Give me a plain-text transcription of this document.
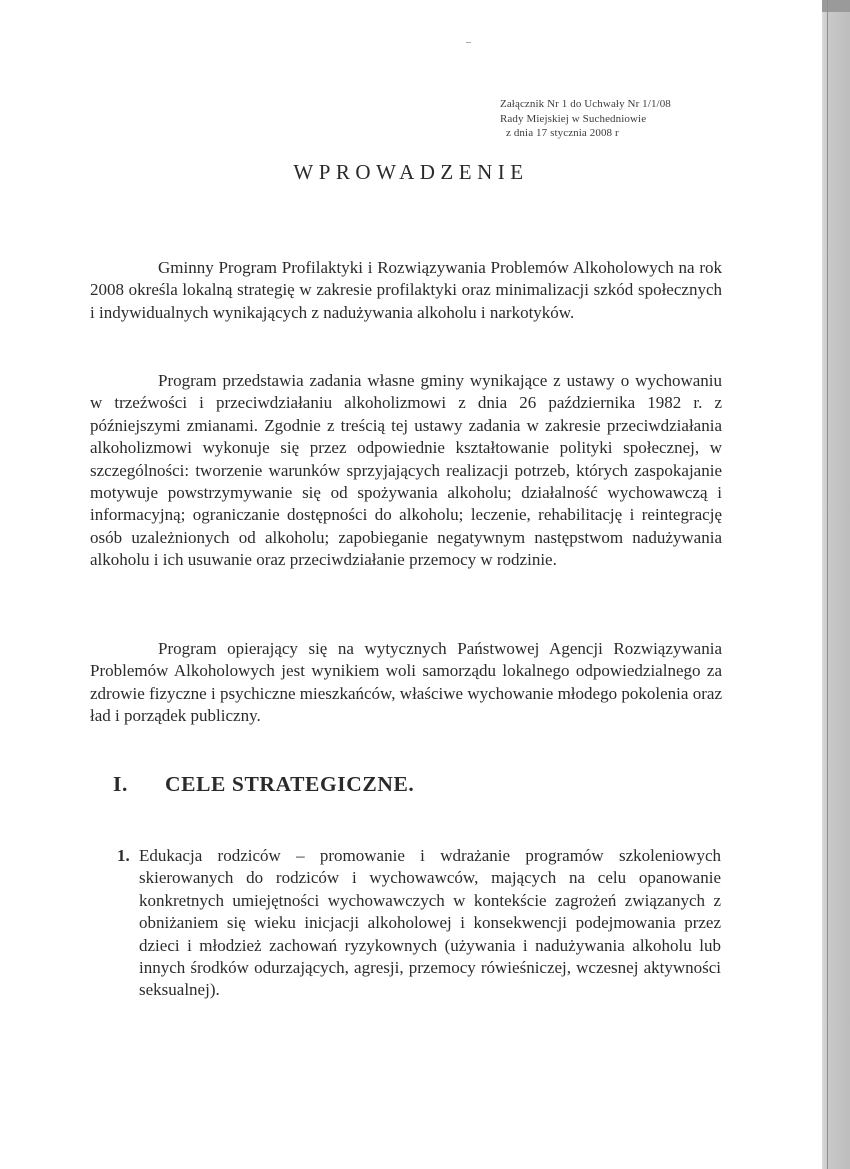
Załącznik Nr 1 do Uchwały Nr 1/1/08
Rady Miejskiej w Suchedniowie
z dnia 17 stycznia 2008 r
WPROWADZENIE

Gminny Program Profilaktyki i Rozwiązywania Problemów Alkoholowych na rok 2008 określa lokalną strategię w zakresie profilaktyki oraz minimalizacji szkód społecznych i indywidualnych wynikających z nadużywania alkoholu i narkotyków.

Program przedstawia zadania własne gminy wynikające z ustawy o wychowaniu w trzeźwości i przeciwdziałaniu alkoholizmowi z dnia 26 października 1982 r. z późniejszymi zmianami. Zgodnie z treścią tej ustawy zadania w zakresie przeciwdziałania alkoholizmowi wykonuje się przez odpowiednie kształtowanie polityki społecznej, w szczególności: tworzenie warunków sprzyjających realizacji potrzeb, których zaspokajanie motywuje powstrzymywanie się od spożywania alkoholu; działalność wychowawczą i informacyjną; ograniczanie dostępności do alkoholu; leczenie, rehabilitację i reintegrację osób uzależnionych od alkoholu; zapobieganie negatywnym następstwom nadużywania alkoholu i ich usuwanie oraz przeciwdziałanie przemocy w rodzinie.

Program opierający się na wytycznych Państwowej Agencji Rozwiązywania Problemów Alkoholowych jest wynikiem woli samorządu lokalnego odpowiedzialnego za zdrowie fizyczne i psychiczne mieszkańców, właściwe wychowanie młodego pokolenia oraz ład i porządek publiczny.

I. CELE STRATEGICZNE.
1. Edukacja rodziców – promowanie i wdrażanie programów szkoleniowych skierowanych do rodziców i wychowawców, mających na celu opanowanie konkretnych umiejętności wychowawczych w kontekście zagrożeń związanych z obniżaniem się wieku inicjacji alkoholowej i konsekwencji podejmowania przez dzieci i młodzież zachowań ryzykownych (używania i nadużywania alkoholu lub innych środków odurzających, agresji, przemocy rówieśniczej, wczesnej aktywności seksualnej).
